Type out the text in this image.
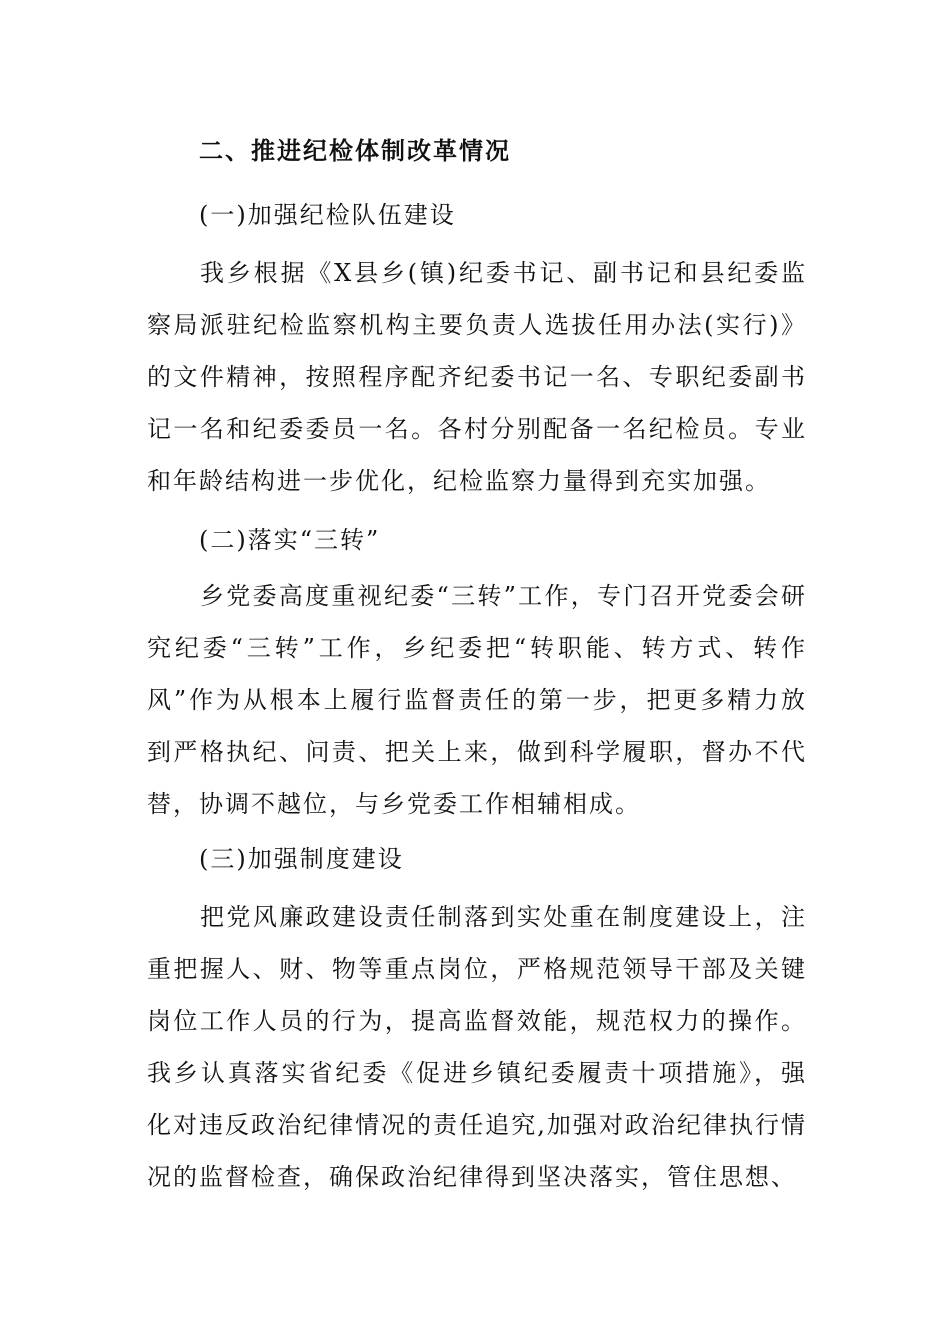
二、推进纪检体制改革情况
(一)加强纪检队伍建设
我乡根据《X县乡(镇)纪委书记、副书记和县纪委监察局派驻纪检监察机构主要负责人选拔任用办法(实行)》的文件精神，按照程序配齐纪委书记一名、专职纪委副书记一名和纪委委员一名。各村分别配备一名纪检员。专业和年龄结构进一步优化，纪检监察力量得到充实加强。
(二)落实“三转”
乡党委高度重视纪委“三转”工作，专门召开党委会研究纪委“三转”工作，乡纪委把“转职能、转方式、转作风”作为从根本上履行监督责任的第一步，把更多精力放到严格执纪、问责、把关上来，做到科学履职，督办不代替，协调不越位，与乡党委工作相辅相成。
(三)加强制度建设
把党风廉政建设责任制落到实处重在制度建设上，注重把握人、财、物等重点岗位，严格规范领导干部及关键岗位工作人员的行为，提高监督效能，规范权力的操作。我乡认真落实省纪委《促进乡镇纪委履责十项措施》，强化对违反政治纪律情况的责任追究,加强对政治纪律执行情况的监督检查，确保政治纪律得到坚决落实，管住思想、
